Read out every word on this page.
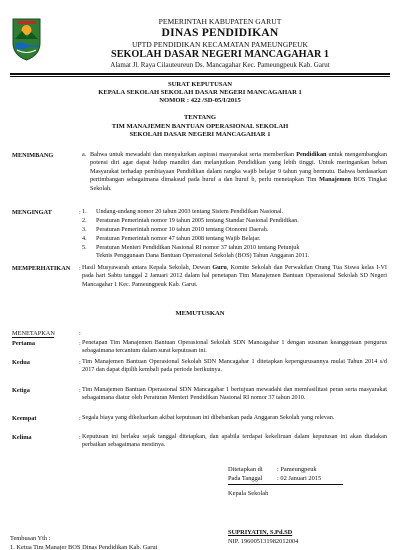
PEMERINTAH KABUPATEN GARUT
DINAS PENDIDIKAN
UPTD PENDIDIKAN KECAMATAN PAMEUNGPEUK
SEKOLAH DASAR NEGERI MANCAGAHAR 1
Alamat Jl. Raya Cilauteureun Ds. Mancagahar Kec. Pameungpeuk Kab. Garut
SURAT KEPUTUSAN
KEPALA SEKOLAH SEKOLAH DASAR NEGERI MANCAGAHAR 1
NOMOR : 422 /SD-05/I/2015
TENTANG
TIM MANAJEMEN BANTUAN OPERASIONAL SEKOLAH
SEKOLAH DASAR NEGERI MANCAGAHAR 1
MENIMBANG	a. Bahwa untuk mewadahi dan menyalurkan aspirasi masyarakat serta memberikan Pendidikan untuk mengembangkan potensi diri agar dapat hidup mandiri dan melanjutkan Pendidikan yang lebih tinggi. Untuk meringankan beban Masyarakat terhadap pembiayaan Pendidikan dalam rangka wajib belajar 9 tahun yang bermutu. Bahwa berdasarkan pertimbangan sebagaimana dimaksud pada huruf a dan huruf b, perlu menetapkan Tim Manajemen BOS Tingkat Sekolah.
MENGINGAT	: 1. Undang-undang nomor 20 tahun 2003 tentang Sistem Pendidikan Nasional.
2. Peraturan Pemerintah nomor 19 tahun 2005 tentang Standar Nasional Pendidikan.
3. Peraturan Pemerintah nomor 10 tahun 2010 tentang Otonomi Daerah.
4. Peraturan Pemerintah nomor 47 tahun 2008 tentang Wajib Belajar.
5. Peraturan Menteri Pendidikan Nasional RI nomor 37 tahun 2010 tentang Petunjuk
Teknis Penggunaan Dana Bantuan Operasional Sekolah (BOS) Tahun Anggaran 2011.
MEMPERHATIKAN : Hasil Musyawarah antara Kepala Sekolah, Dewan Guru, Komite Sekolah dan Perwakilan Orang Tua Siswa kelas I-VI pada hari Sabtu tanggal 2 Januari 2012 dalam hal penetapan Tim Manajemen Bantuan Operasional Sekolah SD Negeri Mancagahar 1 Kec. Pameungpeuk Kab. Garut.
MEMUTUSKAN
MENETAPKAN	:
Pertama	: Penetapan Tim Manajemen Bantuan Operasional Sekolah SDN Mancagahar 1 dengan susunan keanggotaan pengurus sebagaimana tercantum dalam surat keputusan ini.
Kedua	: Tim Manajemen Bantuan Operasional Sekolah SDN Mancagahar 1 ditetapkan kepengurusannya mulai Tahun 2014 s/d 2017 dan dapat dipilih kembali pada periode berikutnya.
Ketiga	: Tim Manajemen Bantuan Operasional SDN Mancagahar 1 bertujuan mewadahi dan memfasilitasi peran serta masyarakat sebagaimana diatur oleh Peraturan Menteri Pendidikan Nasional RI nomor 37 tahun 2010.
Keempat	: Segala biaya yang dikeluarkan akibat keputusan ini dibebankan pada Anggaran Sekolah yang relevan.
Kelima	: Keputusan ini berlaku sejak tanggal ditetapkan, dan apabila terdapat kekeliruan dalam keputusan ini akan diadakan perbaikan sebagaimana mestinya.
Ditetapkan di : Pameungpeuk
Pada Tanggal : 02 Januari 2015
Kepala Sekolah
SUPRIYATIN, S.Pd.SD
NIP. 196005131982012004
Tembusan Yth :
1. Ketua Tim Manajer BOS Dinas Pendidikan Kab. Garut
